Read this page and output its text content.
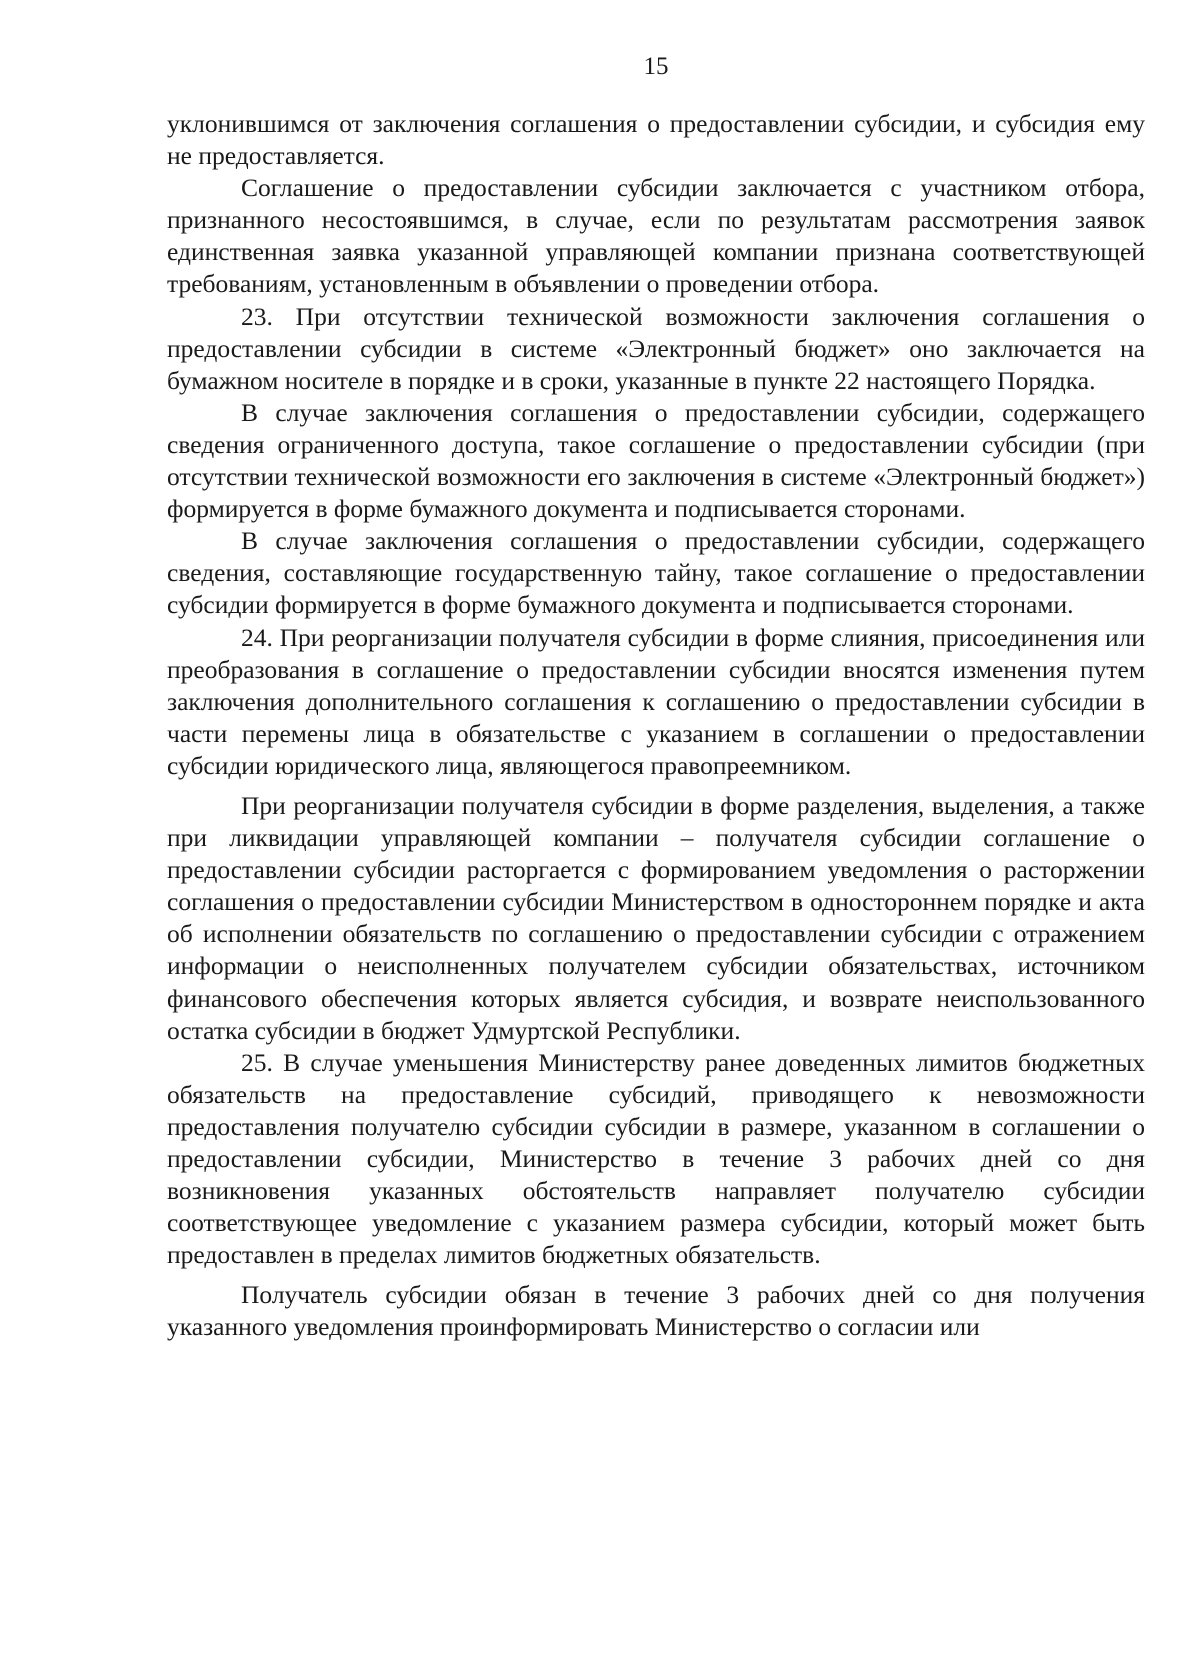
15

уклонившимся от заключения соглашения о предоставлении субсидии, и субсидия ему не предоставляется.

Соглашение о предоставлении субсидии заключается с участником отбора, признанного несостоявшимся, в случае, если по результатам рассмотрения заявок единственная заявка указанной управляющей компании признана соответствующей требованиям, установленным в объявлении о проведении отбора.

23. При отсутствии технической возможности заключения соглашения о предоставлении субсидии в системе «Электронный бюджет» оно заключается на бумажном носителе в порядке и в сроки, указанные в пункте 22 настоящего Порядка.

В случае заключения соглашения о предоставлении субсидии, содержащего сведения ограниченного доступа, такое соглашение о предоставлении субсидии (при отсутствии технической возможности его заключения в системе «Электронный бюджет») формируется в форме бумажного документа и подписывается сторонами.

В случае заключения соглашения о предоставлении субсидии, содержащего сведения, составляющие государственную тайну, такое соглашение о предоставлении субсидии формируется в форме бумажного документа и подписывается сторонами.

24. При реорганизации получателя субсидии в форме слияния, присоединения или преобразования в соглашение о предоставлении субсидии вносятся изменения путем заключения дополнительного соглашения к соглашению о предоставлении субсидии в части перемены лица в обязательстве с указанием в соглашении о предоставлении субсидии юридического лица, являющегося правопреемником.

При реорганизации получателя субсидии в форме разделения, выделения, а также при ликвидации управляющей компании – получателя субсидии соглашение о предоставлении субсидии расторгается с формированием уведомления о расторжении соглашения о предоставлении субсидии Министерством в одностороннем порядке и акта об исполнении обязательств по соглашению о предоставлении субсидии с отражением информации о неисполненных получателем субсидии обязательствах, источником финансового обеспечения которых является субсидия, и возврате неиспользованного остатка субсидии в бюджет Удмуртской Республики.

25. В случае уменьшения Министерству ранее доведенных лимитов бюджетных обязательств на предоставление субсидий, приводящего к невозможности предоставления получателю субсидии субсидии в размере, указанном в соглашении о предоставлении субсидии, Министерство в течение 3 рабочих дней со дня возникновения указанных обстоятельств направляет получателю субсидии соответствующее уведомление с указанием размера субсидии, который может быть предоставлен в пределах лимитов бюджетных обязательств.

Получатель субсидии обязан в течение 3 рабочих дней со дня получения указанного уведомления проинформировать Министерство о согласии или
